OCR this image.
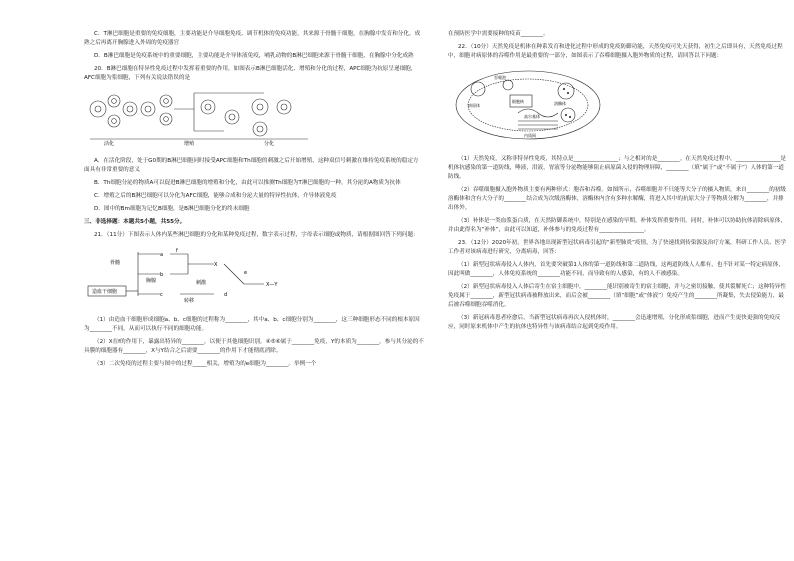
C．T淋巴细胞是重要的免疫细胞，主要功能是介导细胞免疫、调节机体的免疫功能，其来源于骨髓干细胞，在胸腺中发育和分化，成熟之后再离开胸腺进入外周的免疫器官

D．B淋巴细胞是免疫系统中的重要细胞，主要功能是介导体液免疫，哺乳动物的B淋巴细胞来源于骨髓干细胞，在胸腺中分化成熟

20．B淋巴细胞在特异性免疫过程中发挥着重要的作用，如图表示B淋巴细胞活化、增殖和分化的过程，APC细胞为抗原呈递细胞，AFC细胞为浆细胞，下列有关说法错误的是

活化	增殖	分化

A．在活化阶段，处于G0期的B淋巴细胞同时接受APC细胞和Th细胞的刺激之后开始增殖，这种双信号刺激在维持免疫系统的稳定方面具有非常重要的意义

B．Th细胞分泌的物质A可以促进B淋巴细胞的增殖和分化，由此可以推测Th细胞为T淋巴细胞的一种，其分泌的A物质为抗体

C．增殖之后的B淋巴细胞可以分化为AFC细胞，能够合成和分泌大量的特异性抗体，介导体液免疫

D．图中的Bm细胞为记忆B细胞，是B淋巴细胞分化的终末细胞

三、非选择题：本题共5小题，共55分。

21．（11分）下图表示人体内某些淋巴细胞的分化和某种免疫过程，数字表示过程，字母表示细胞或物质，请根据图回答下列问题：

造血干细胞
骨髓
胸腺
a
b
c
f
X
刺激
转移
d
e
X—Y

（1）由造血干细胞形成细胞a、b、c细胞的过程称为________，其中a、b、c细胞分别为________，这三种细胞形态不同的根本原因为________不同，从而可以执行不同的细胞功能。

（2）X在f的作用下，暴露出特异的________，以便于其他细胞识别。④⑤⑥属于________免疫，Y的本质为________，参与其分泌的不具膜的细胞器有________，X与Y结合之后需要________的作用下才能彻底消除。

（3）二次免疫的过程主要与图中的过程_____相关，增殖为的e细胞为________。举例一个

在预防医学中需要接种的疫苗________。

22．（10分）天然免疫是机体在种系发育和进化过程中形成的免疫防御功能，天然免疫可先天获得，初生之后即具有，天然免疫过程中，细胞对病原体的吞噬作用是最重要的一部分，如图表示了吞噬细胞摄入胞外物质的过程，请回答以下问题：

病原体	溶酶体
细胞核
内质网
高尔基体
吞噬泡

（1）天然免疫，又称非特异性免疫，其特点是________________；与之相对的是________。在天然免疫过程中，________________是机体抗感染的第一道防线，唾液，泪液，胃液等分泌物能够阻止病原菌入侵的物理屏障，________（填“属于”或“不属于”）人体的第一道防线。

（2）吞噬细胞摄入胞外物质主要有两种形式：胞吞和吞噬。如图所示，吞噬细胞并不只能等大分子的摄入物质，来自________的初级溶酶体和含有大分子的________结合成为次级溶酶体，溶酶体内含有多种水解酶，将进入其中的抗原大分子等物质分解为________，并排出体外。

（3）补体是一类血浆蛋白质，在天然防御系统中，特别是在感染的早期，补体发挥重要作用。同时，补体可以协助抗体清除病原体，并由此得名为“补体”，由此可以知道，补体参与的免疫过程有________________。

23．（12分）2020年初，世界各地出现新型冠状病毒引起的“新型肺炎”疫情，为了快速找到传染源及治疗方案，科研工作人员、医学工作者对该病毒进行研究，分离病毒，回答：

（1）新型冠状病毒侵入人体内，首先要突破第1人体的第一道防线和第二道防线，这两道防线人人都有，也不针对某一特定病原体，因此叫做________，人体免疫系统的________功能不同，而导致有的人感染，有的人不被感染。

（2）新型冠状病毒侵入人体后寄生在宿主细胞中，________能识别被寄生的宿主细胞，并与之密切接触，使其裂解死亡；这种特异性免疫属于________，新型冠状病毒被释放出来，而后会被________（填“细胞”或“体液”）免疫产生的________所凝集，失去侵染能力，最后被吞噬细胞吞噬消化。

（3）新冠病毒患者痊愈后，当新型冠状病毒再次入侵机体时，________会迅速增殖，分化形成浆细胞，进而产生更快更强的免疫反应，同时原来机体中产生的抗体也特异性与该病毒结合起到免疫作用。
